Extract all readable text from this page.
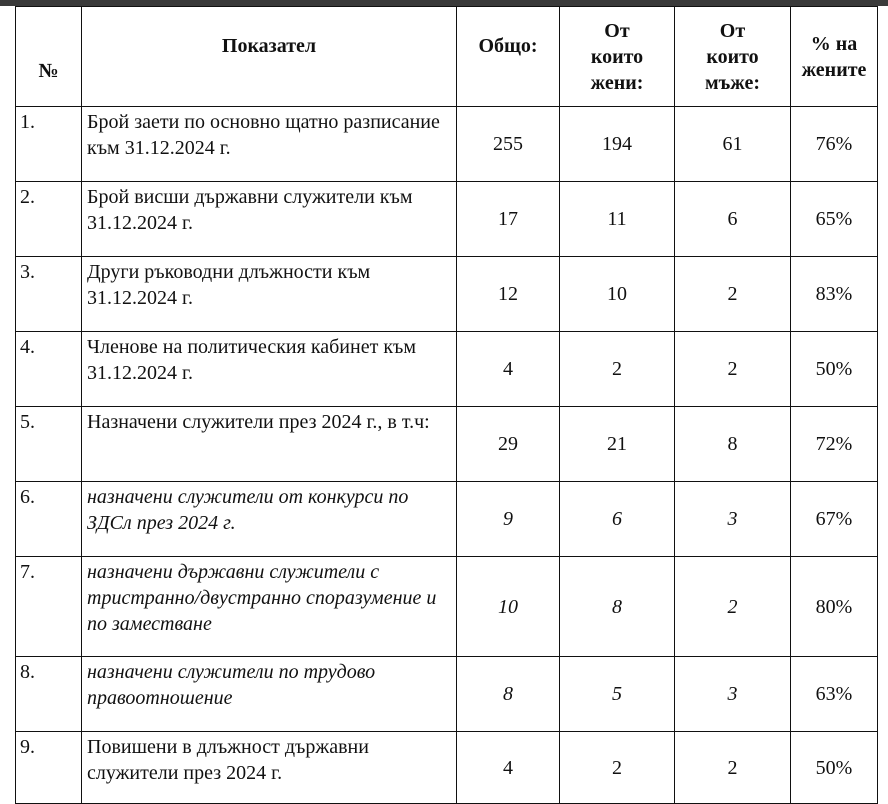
№	Показател	Общо:	От
които
жени:	От
които
мъже:	% на
жените
1.	Брой заети по основно щатно разписание към 31.12.2024 г.	255	194	61	76%
2.	Брой висши държавни служители към 31.12.2024 г.	17	11	6	65%
3.	Други ръководни длъжности към 31.12.2024 г.	12	10	2	83%
4.	Членове на политическия кабинет към 31.12.2024 г.	4	2	2	50%
5.	Назначени служители през 2024 г., в т.ч:	29	21	8	72%
6.	назначени служители от конкурси по ЗДСл през 2024 г.	9	6	3	67%
7.	назначени държавни служители с тристранно/двустранно споразумение и по заместване	10	8	2	80%
8.	назначени служители по трудово правоотношение	8	5	3	63%
9.	Повишени в длъжност държавни служители през 2024 г.	4	2	2	50%
